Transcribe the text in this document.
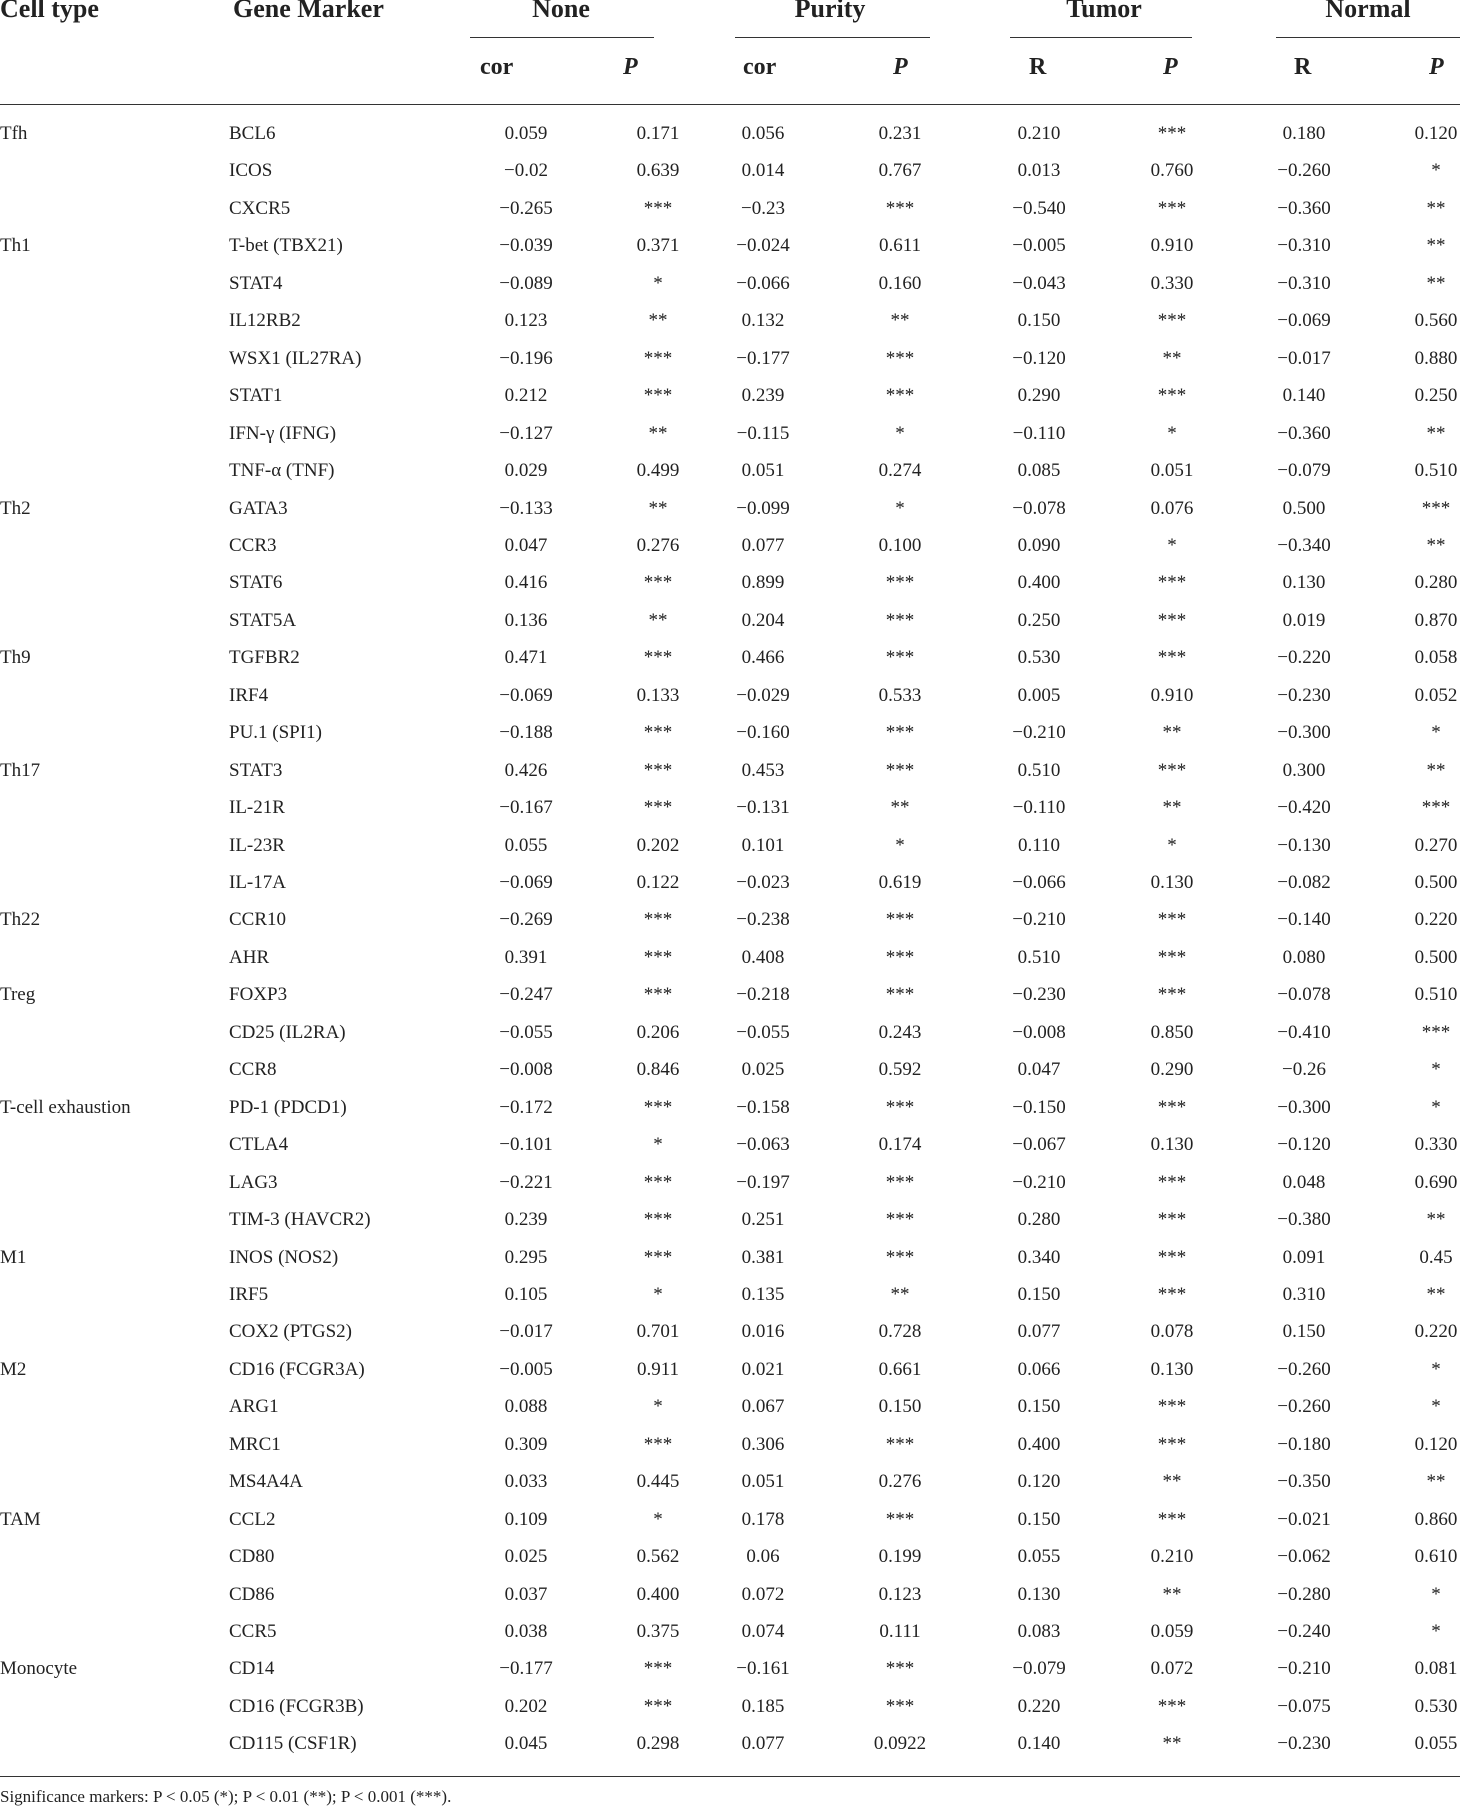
Cell type	Gene Marker	None	Purity	Tumor	Normal
cor	P	cor	P	R	P	R	P
Tfh	BCL6	0.059	0.171	0.056	0.231	0.210	***	0.180	0.120
ICOS	−0.02	0.639	0.014	0.767	0.013	0.760	−0.260	*
CXCR5	−0.265	***	−0.23	***	−0.540	***	−0.360	**
Th1	T-bet (TBX21)	−0.039	0.371	−0.024	0.611	−0.005	0.910	−0.310	**
STAT4	−0.089	*	−0.066	0.160	−0.043	0.330	−0.310	**
IL12RB2	0.123	**	0.132	**	0.150	***	−0.069	0.560
WSX1 (IL27RA)	−0.196	***	−0.177	***	−0.120	**	−0.017	0.880
STAT1	0.212	***	0.239	***	0.290	***	0.140	0.250
IFN-γ (IFNG)	−0.127	**	−0.115	*	−0.110	*	−0.360	**
TNF-α (TNF)	0.029	0.499	0.051	0.274	0.085	0.051	−0.079	0.510
Th2	GATA3	−0.133	**	−0.099	*	−0.078	0.076	0.500	***
CCR3	0.047	0.276	0.077	0.100	0.090	*	−0.340	**
STAT6	0.416	***	0.899	***	0.400	***	0.130	0.280
STAT5A	0.136	**	0.204	***	0.250	***	0.019	0.870
Th9	TGFBR2	0.471	***	0.466	***	0.530	***	−0.220	0.058
IRF4	−0.069	0.133	−0.029	0.533	0.005	0.910	−0.230	0.052
PU.1 (SPI1)	−0.188	***	−0.160	***	−0.210	**	−0.300	*
Th17	STAT3	0.426	***	0.453	***	0.510	***	0.300	**
IL-21R	−0.167	***	−0.131	**	−0.110	**	−0.420	***
IL-23R	0.055	0.202	0.101	*	0.110	*	−0.130	0.270
IL-17A	−0.069	0.122	−0.023	0.619	−0.066	0.130	−0.082	0.500
Th22	CCR10	−0.269	***	−0.238	***	−0.210	***	−0.140	0.220
AHR	0.391	***	0.408	***	0.510	***	0.080	0.500
Treg	FOXP3	−0.247	***	−0.218	***	−0.230	***	−0.078	0.510
CD25 (IL2RA)	−0.055	0.206	−0.055	0.243	−0.008	0.850	−0.410	***
CCR8	−0.008	0.846	0.025	0.592	0.047	0.290	−0.26	*
T-cell exhaustion	PD-1 (PDCD1)	−0.172	***	−0.158	***	−0.150	***	−0.300	*
CTLA4	−0.101	*	−0.063	0.174	−0.067	0.130	−0.120	0.330
LAG3	−0.221	***	−0.197	***	−0.210	***	0.048	0.690
TIM-3 (HAVCR2)	0.239	***	0.251	***	0.280	***	−0.380	**
M1	INOS (NOS2)	0.295	***	0.381	***	0.340	***	0.091	0.45
IRF5	0.105	*	0.135	**	0.150	***	0.310	**
COX2 (PTGS2)	−0.017	0.701	0.016	0.728	0.077	0.078	0.150	0.220
M2	CD16 (FCGR3A)	−0.005	0.911	0.021	0.661	0.066	0.130	−0.260	*
ARG1	0.088	*	0.067	0.150	0.150	***	−0.260	*
MRC1	0.309	***	0.306	***	0.400	***	−0.180	0.120
MS4A4A	0.033	0.445	0.051	0.276	0.120	**	−0.350	**
TAM	CCL2	0.109	*	0.178	***	0.150	***	−0.021	0.860
CD80	0.025	0.562	0.06	0.199	0.055	0.210	−0.062	0.610
CD86	0.037	0.400	0.072	0.123	0.130	**	−0.280	*
CCR5	0.038	0.375	0.074	0.111	0.083	0.059	−0.240	*
Monocyte	CD14	−0.177	***	−0.161	***	−0.079	0.072	−0.210	0.081
CD16 (FCGR3B)	0.202	***	0.185	***	0.220	***	−0.075	0.530
CD115 (CSF1R)	0.045	0.298	0.077	0.0922	0.140	**	−0.230	0.055
Significance markers: P < 0.05 (*); P < 0.01 (**); P < 0.001 (***).
